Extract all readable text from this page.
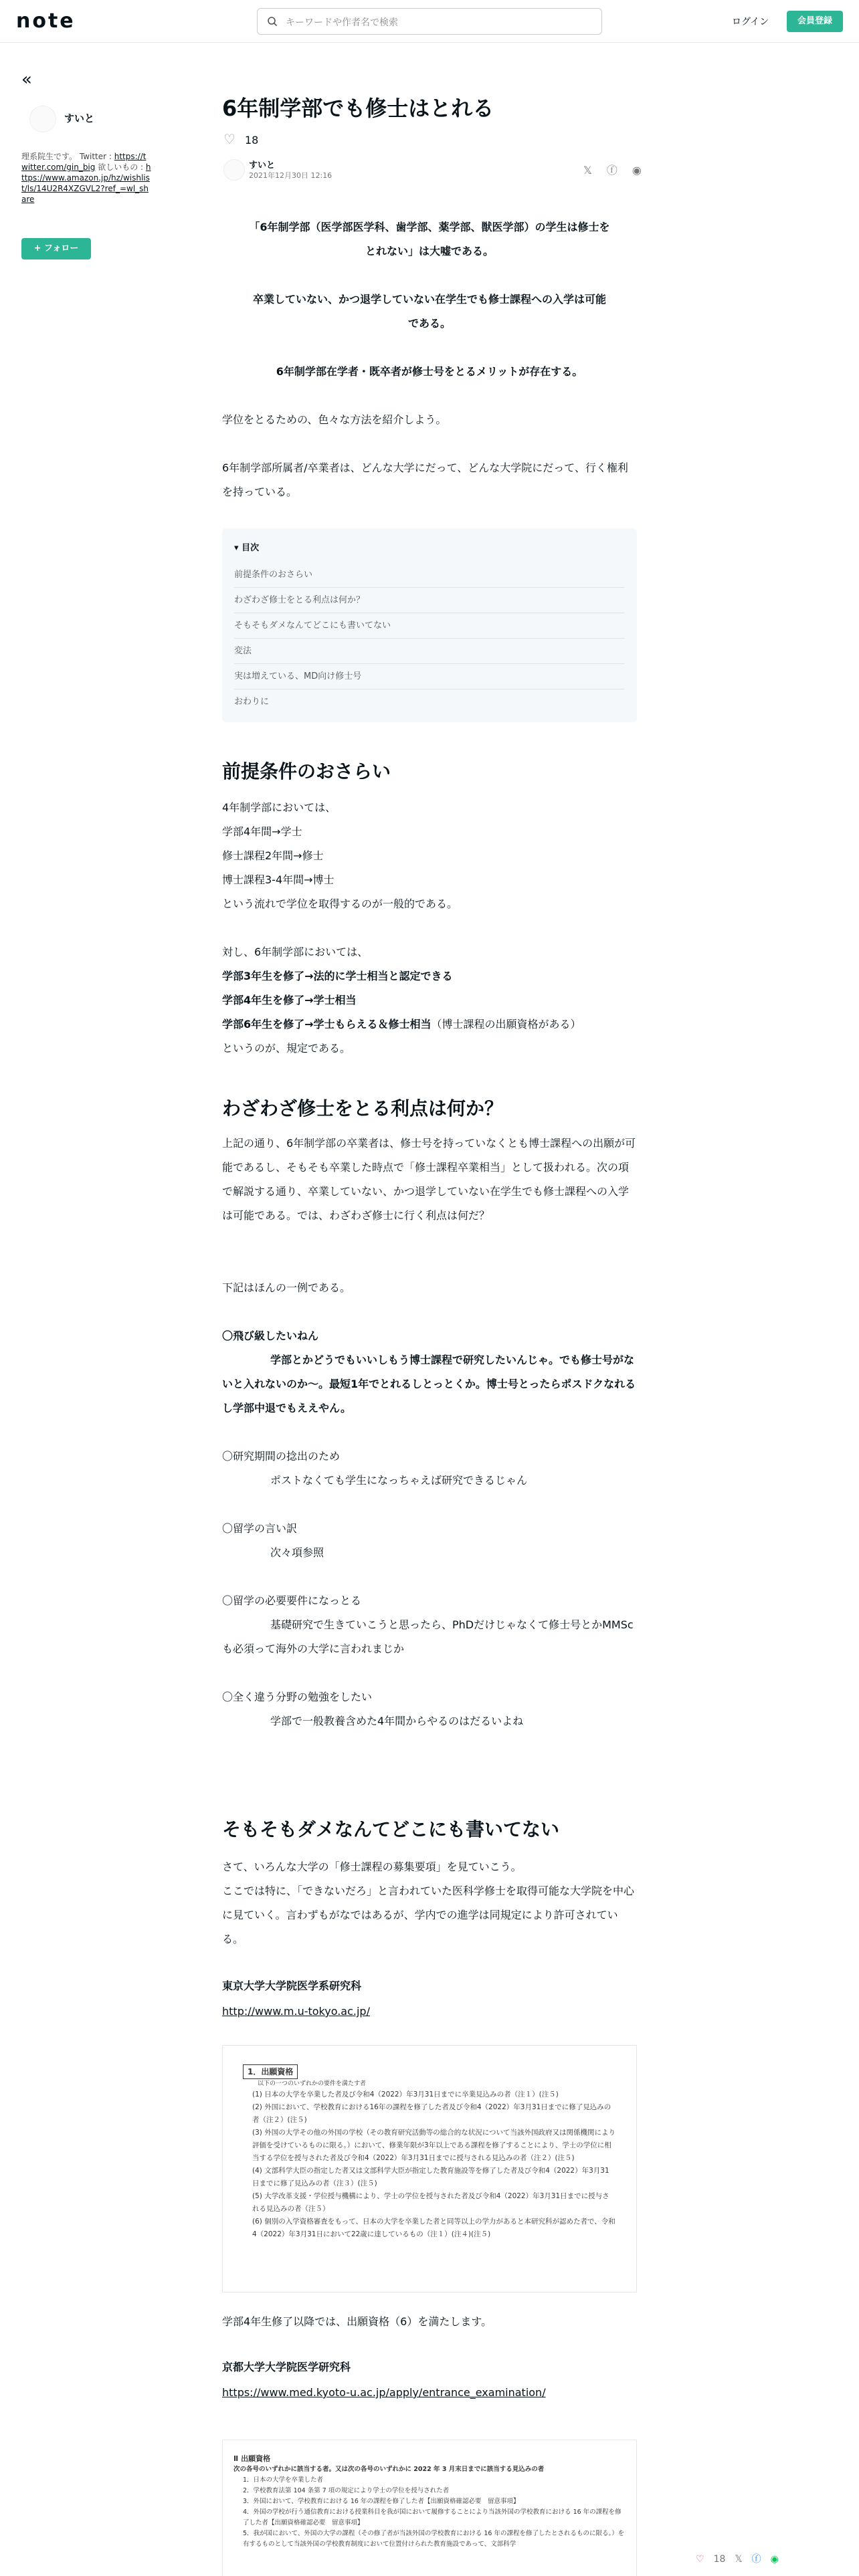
note	キーワードや作者名で検索	ログイン	会員登録
«
すいと
理系院生です。 Twitter : https://twitter.com/gin_big 欲しいもの : https://www.amazon.jp/hz/wishlist/ls/14U2R4XZGVL2?ref_=wl_share
+ フォロー
6年制学部でも修士はとれる
♡ 18
すいと
2021年12月30日 12:16	𝕏 ⓕ ◉
「6年制学部（医学部医学科、歯学部、薬学部、獣医学部）の学生は修士をとれない」は大嘘である。
卒業していない、かつ退学していない在学生でも修士課程への入学は可能である。
6年制学部在学者・既卒者が修士号をとるメリットが存在する。
学位をとるための、色々な方法を紹介しよう。
6年制学部所属者/卒業者は、どんな大学にだって、どんな大学院にだって、行く権利を持っている。
▾ 目次
前提条件のおさらい
わざわざ修士をとる利点は何か？
そもそもダメなんてどこにも書いてない
変法
実は増えている、MD向け修士号
おわりに
前提条件のおさらい
4年制学部においては、
学部4年間→学士
修士課程2年間→修士
博士課程3-4年間→博士
という流れで学位を取得するのが一般的である。
対し、6年制学部においては、
学部3年生を修了→法的に学士相当と認定できる
学部4年生を修了→学士相当
学部6年生を修了→学士もらえる＆修士相当（博士課程の出願資格がある）
というのが、規定である。
わざわざ修士をとる利点は何か？
上記の通り、6年制学部の卒業者は、修士号を持っていなくとも博士課程への出願が可能であるし、そもそも卒業した時点で「修士課程卒業相当」として扱われる。次の項で解説する通り、卒業していない、かつ退学していない在学生でも修士課程への入学は可能である。では、わざわざ修士に行く利点は何だ？
下記はほんの一例である。
〇飛び級したいねん
学部とかどうでもいいしもう博士課程で研究したいんじゃ。でも修士号がないと入れないのか〜。最短1年でとれるしとっとくか。博士号とったらポスドクなれるし学部中退でもええやん。
〇研究期間の捻出のため
ポストなくても学生になっちゃえば研究できるじゃん
〇留学の言い訳
次々項参照
〇留学の必要要件になっとる
基礎研究で生きていこうと思ったら、PhDだけじゃなくて修士号とかMMScも必須って海外の大学に言われまじか
〇全く違う分野の勉強をしたい
学部で一般教養含めた4年間からやるのはだるいよね
そもそもダメなんてどこにも書いてない
さて、いろんな大学の「修士課程の募集要項」を見ていこう。
ここでは特に、「できないだろ」と言われていた医科学修士を取得可能な大学院を中心に見ていく。言わずもがなではあるが、学内での進学は同規定により許可されている。
東京大学大学院医学系研究科
http://www.m.u-tokyo.ac.jp/
1．出願資格
以下の一つのいずれかの要件を満たす者
(1) 日本の大学を卒業した者及び令和4（2022）年3月31日までに卒業見込みの者（注１）(注５)
(2) 外国において、学校教育における16年の課程を修了した者及び令和4（2022）年3月31日までに修了見込みの者（注２）(注５)
(3) 外国の大学その他の外国の学校（その教育研究活動等の総合的な状況について当該外国政府又は関係機関により評価を受けているものに限る。）において、修業年限が3年以上である課程を修了することにより、学士の学位に相当する学位を授与された者及び令和4（2022）年3月31日までに授与される見込みの者（注２）(注５)
(4) 文部科学大臣の指定した者又は文部科学大臣が指定した教育施設等を修了した者及び令和4（2022）年3月31日までに修了見込みの者（注３）(注５)
(5) 大学改革支援・学位授与機構により、学士の学位を授与された者及び令和4（2022）年3月31日までに授与される見込みの者（注５）
(6) 個別の入学資格審査をもって、日本の大学を卒業した者と同等以上の学力があると本研究科が認めた者で、令和4（2022）年3月31日において22歳に達しているもの（注１）(注４)(注５)
学部4年生修了以降では、出願資格（6）を満たします。
京都大学大学院医学研究科
https://www.med.kyoto-u.ac.jp/apply/entrance_examination/
Ⅱ 出願資格
次の各号のいずれかに該当する者。又は次の各号のいずれかに 2022 年 3 月末日までに該当する見込みの者
1．日本の大学を卒業した者
2．学校教育法第 104 条第 7 項の規定により学士の学位を授与された者
3．外国において、学校教育における 16 年の課程を修了した者【出願資格確認必要　留意事項】
4．外国の学校が行う通信教育における授業科目を我が国において履修することにより当該外国の学校教育における 16 年の課程を修了した者【出願資格確認必要　留意事項】
5．我が国において、外国の大学の課程（その修了者が当該外国の学校教育における 16 年の課程を修了したとされるものに限る。）を有するものとして当該外国の学校教育制度において位置付けられた教育施設であって、文部科学
♡ 18 𝕏 ⓕ ◉
